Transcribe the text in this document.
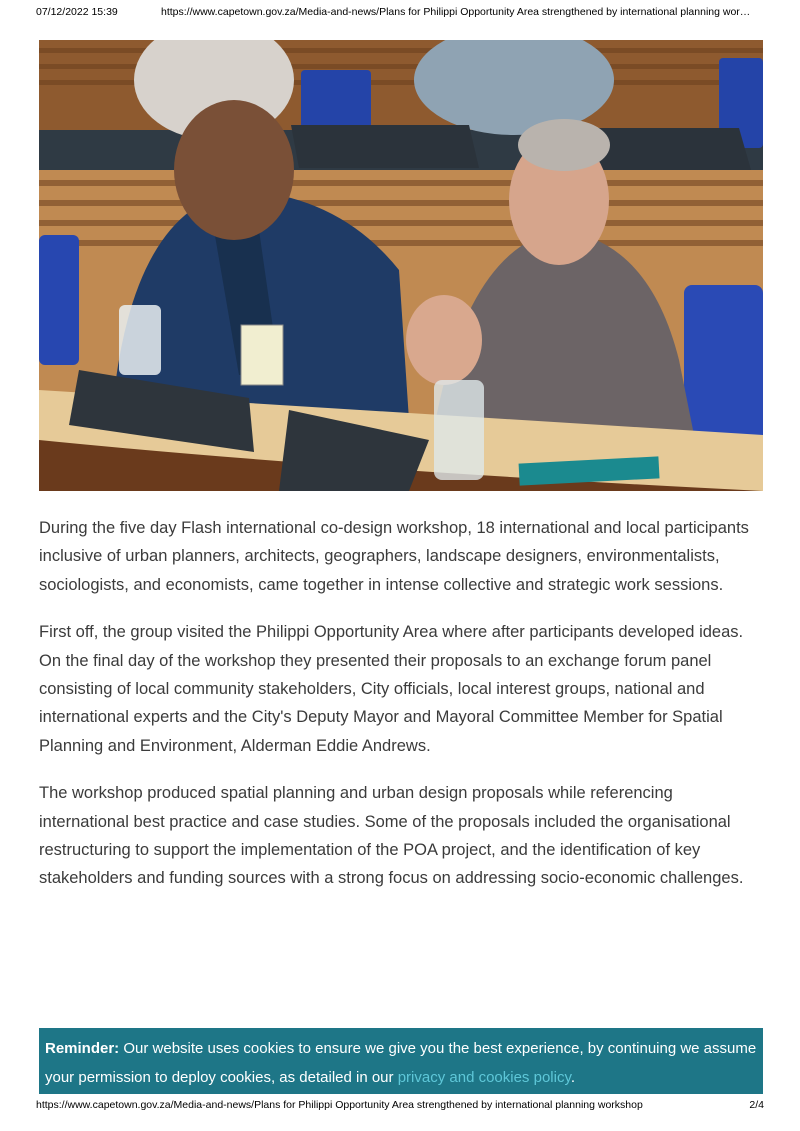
07/12/2022 15:39	https://www.capetown.gov.za/Media-and-news/Plans for Philippi Opportunity Area strengthened by international planning wor…

During the five day Flash international co-design workshop, 18 international and local participants inclusive of urban planners, architects, geographers, landscape designers, environmentalists, sociologists, and economists, came together in intense collective and strategic work sessions.

First off, the group visited the Philippi Opportunity Area where after participants developed ideas. On the final day of the workshop they presented their proposals to an exchange forum panel consisting of local community stakeholders, City officials, local interest groups, national and international experts and the City's Deputy Mayor and Mayoral Committee Member for Spatial Planning and Environment, Alderman Eddie Andrews.

The workshop produced spatial planning and urban design proposals while referencing international best practice and case studies. Some of the proposals included the organisational restructuring to support the implementation of the POA project, and the identification of key stakeholders and funding sources with a strong focus on addressing socio-economic challenges.

Reminder: Our website uses cookies to ensure we give you the best experience, by continuing we assume your permission to deploy cookies, as detailed in our privacy and cookies policy.
https://www.capetown.gov.za/Media-and-news/Plans for Philippi Opportunity Area strengthened by international planning workshop	2/4
